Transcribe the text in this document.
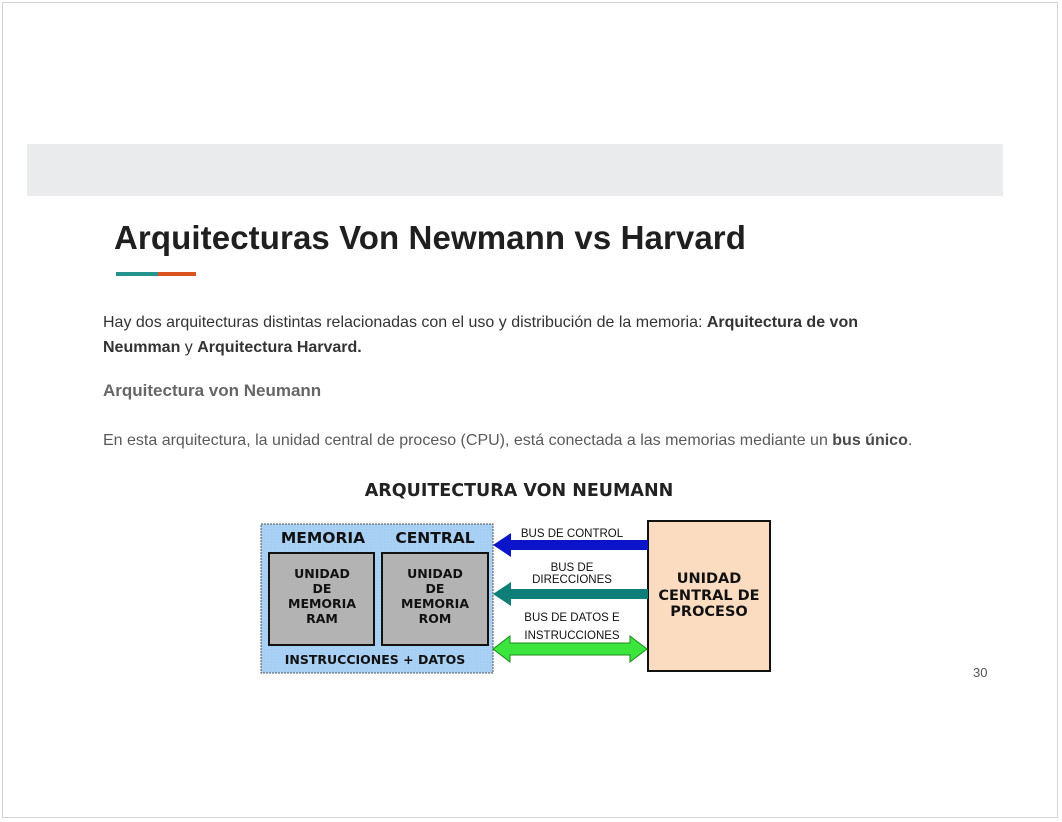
Arquitecturas Von Newmann vs Harvard
Hay dos arquitecturas distintas relacionadas con el uso y distribución de la memoria: Arquitectura de von Neumman y Arquitectura Harvard.
Arquitectura von Neumann
En esta arquitectura, la unidad central de proceso (CPU), está conectada a las memorias mediante un bus único.
ARQUITECTURA VON NEUMANN
MEMORIA CENTRAL
UNIDAD
DE
MEMORIA
RAM
UNIDAD
DE
MEMORIA
ROM
INSTRUCCIONES + DATOS
UNIDAD
CENTRAL DE
PROCESO
BUS DE CONTROL
BUS DE
DIRECCIONES
BUS DE DATOS E
INSTRUCCIONES
30
